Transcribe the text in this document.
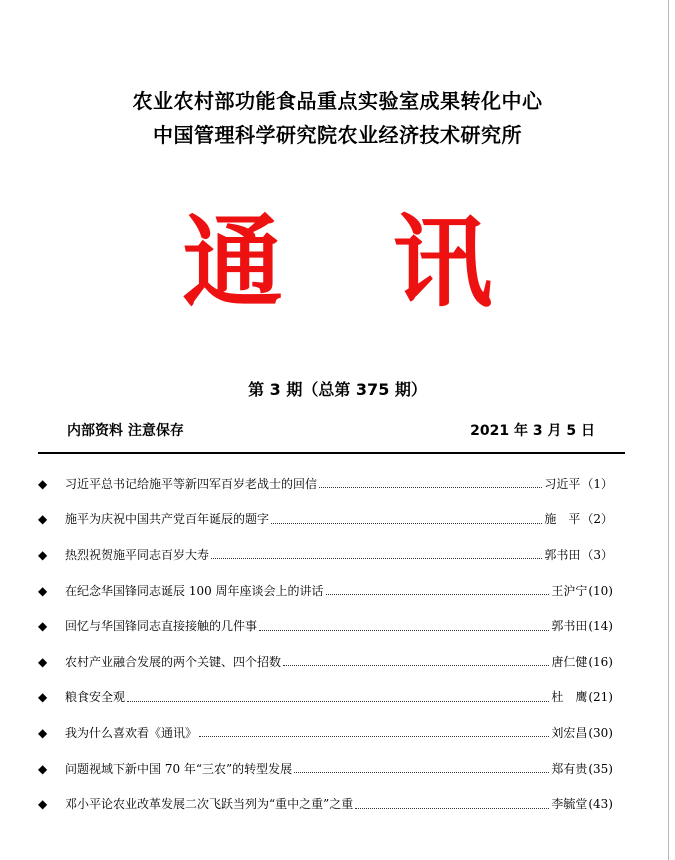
农业农村部功能食品重点实验室成果转化中心
中国管理科学研究院农业经济技术研究所
通 讯
第 3 期（总第 375 期）
内部资料 注意保存	2021 年 3 月 5 日
◆	习近平总书记给施平等新四军百岁老战士的回信	习近平 （1）
◆	施平为庆祝中国共产党百年诞辰的题字	施　平 （2）
◆	热烈祝贺施平同志百岁大寿	郭书田 （3）
◆	在纪念华国锋同志诞辰 100 周年座谈会上的讲话	王沪宁 (10)
◆	回忆与华国锋同志直接接触的几件事	郭书田 (14)
◆	农村产业融合发展的两个关键、四个招数	唐仁健 (16)
◆	粮食安全观	杜　鹰 (21)
◆	我为什么喜欢看《通讯》	刘宏昌 (30)
◆	问题视域下新中国 70 年“三农”的转型发展	郑有贵 (35)
◆	邓小平论农业改革发展二次飞跃当列为“重中之重”之重	李毓堂 (43)
